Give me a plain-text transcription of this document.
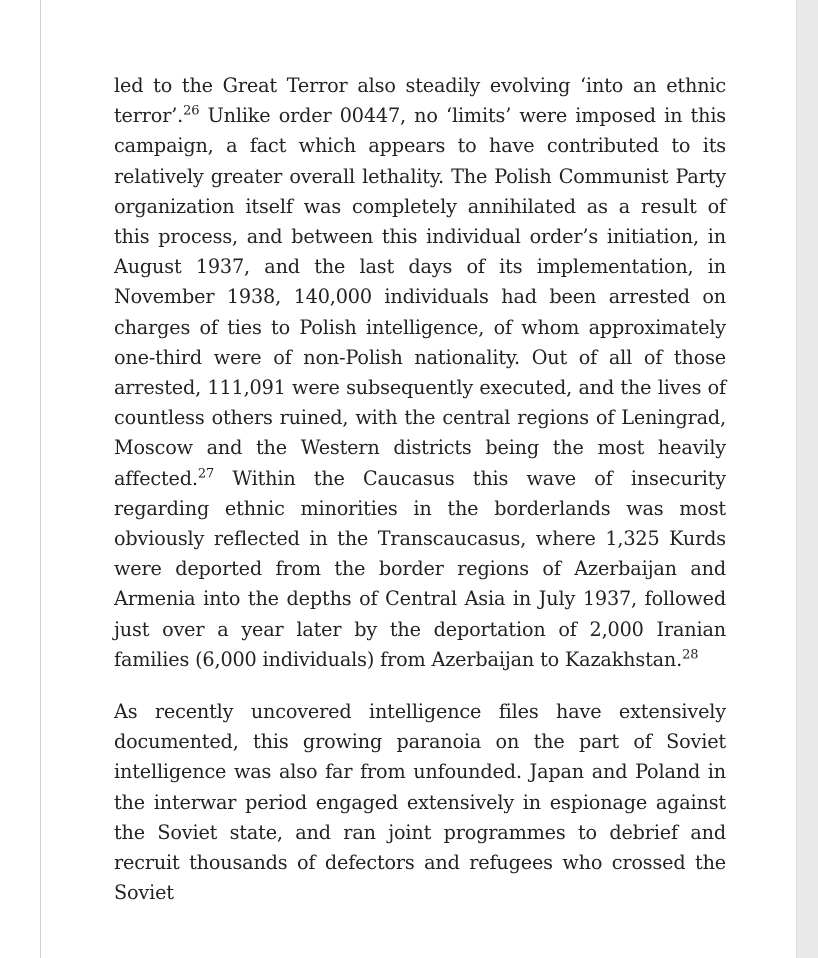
led to the Great Terror also steadily evolving ‘into an ethnic terror’.$^{26}$ Unlike order 00447, no ‘limits’ were imposed in this campaign, a fact which appears to have contributed to its relatively greater overall lethality. The Polish Communist Party organization itself was completely annihilated as a result of this process, and between this individual order’s initiation, in August 1937, and the last days of its implementation, in November 1938, 140,000 individuals had been arrested on charges of ties to Polish intelligence, of whom approximately one-third were of non-Polish nationality. Out of all of those arrested, 111,091 were subsequently executed, and the lives of countless others ruined, with the central regions of Leningrad, Moscow and the Western districts being the most heavily affected.$^{27}$ Within the Caucasus this wave of insecurity regarding ethnic minorities in the borderlands was most obviously reflected in the Transcaucasus, where 1,325 Kurds were deported from the border regions of Azerbaijan and Armenia into the depths of Central Asia in July 1937, followed just over a year later by the deportation of 2,000 Iranian families (6,000 individuals) from Azerbaijan to Kazakhstan.$^{28}$

As recently uncovered intelligence files have extensively documented, this growing paranoia on the part of Soviet intelligence was also far from unfounded. Japan and Poland in the interwar period engaged extensively in espionage against the Soviet state, and ran joint programmes to debrief and recruit thousands of defectors and refugees who crossed the Soviet
